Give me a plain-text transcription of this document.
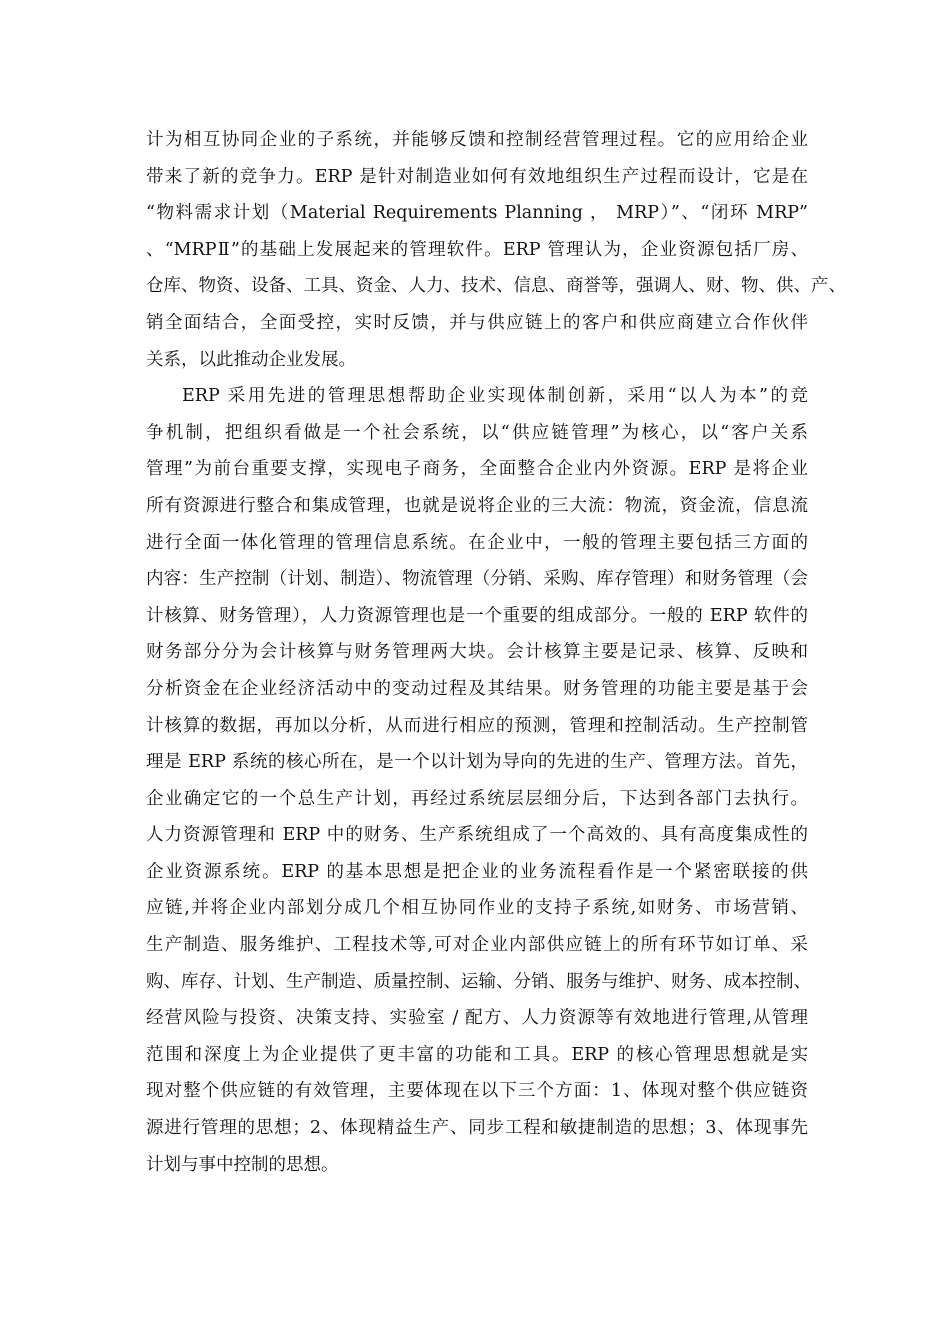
计为相互协同企业的子系统，并能够反馈和控制经营管理过程。它的应用给企业
带来了新的竞争力。ERP 是针对制造业如何有效地组织生产过程而设计，它是在
“物料需求计划（Material Requirements Planning ， MRP）”、“闭环 MRP”
、“MRPⅡ”的基础上发展起来的管理软件。ERP 管理认为，企业资源包括厂房、
仓库、物资、设备、工具、资金、人力、技术、信息、商誉等，强调人、财、物、供、产、
销全面结合，全面受控，实时反馈，并与供应链上的客户和供应商建立合作伙伴
关系，以此推动企业发展。
ERP 采用先进的管理思想帮助企业实现体制创新，采用“以人为本”的竞
争机制，把组织看做是一个社会系统，以“供应链管理”为核心，以“客户关系
管理”为前台重要支撑，实现电子商务，全面整合企业内外资源。ERP 是将企业
所有资源进行整合和集成管理，也就是说将企业的三大流：物流，资金流，信息流
进行全面一体化管理的管理信息系统。在企业中，一般的管理主要包括三方面的
内容：生产控制（计划、制造）、物流管理（分销、采购、库存管理）和财务管理（会
计核算、财务管理），人力资源管理也是一个重要的组成部分。一般的 ERP 软件的
财务部分分为会计核算与财务管理两大块。会计核算主要是记录、核算、反映和
分析资金在企业经济活动中的变动过程及其结果。财务管理的功能主要是基于会
计核算的数据，再加以分析，从而进行相应的预测，管理和控制活动。生产控制管
理是 ERP 系统的核心所在，是一个以计划为导向的先进的生产、管理方法。首先，
企业确定它的一个总生产计划，再经过系统层层细分后，下达到各部门去执行。
人力资源管理和 ERP 中的财务、生产系统组成了一个高效的、具有高度集成性的
企业资源系统。ERP 的基本思想是把企业的业务流程看作是一个紧密联接的供
应链,并将企业内部划分成几个相互协同作业的支持子系统,如财务、市场营销、
生产制造、服务维护、工程技术等,可对企业内部供应链上的所有环节如订单、采
购、库存、计划、生产制造、质量控制、运输、分销、服务与维护、财务、成本控制、
经营风险与投资、决策支持、实验室 / 配方、人力资源等有效地进行管理,从管理
范围和深度上为企业提供了更丰富的功能和工具。ERP 的核心管理思想就是实
现对整个供应链的有效管理，主要体现在以下三个方面：1、体现对整个供应链资
源进行管理的思想；2、体现精益生产、同步工程和敏捷制造的思想；3、体现事先
计划与事中控制的思想。
